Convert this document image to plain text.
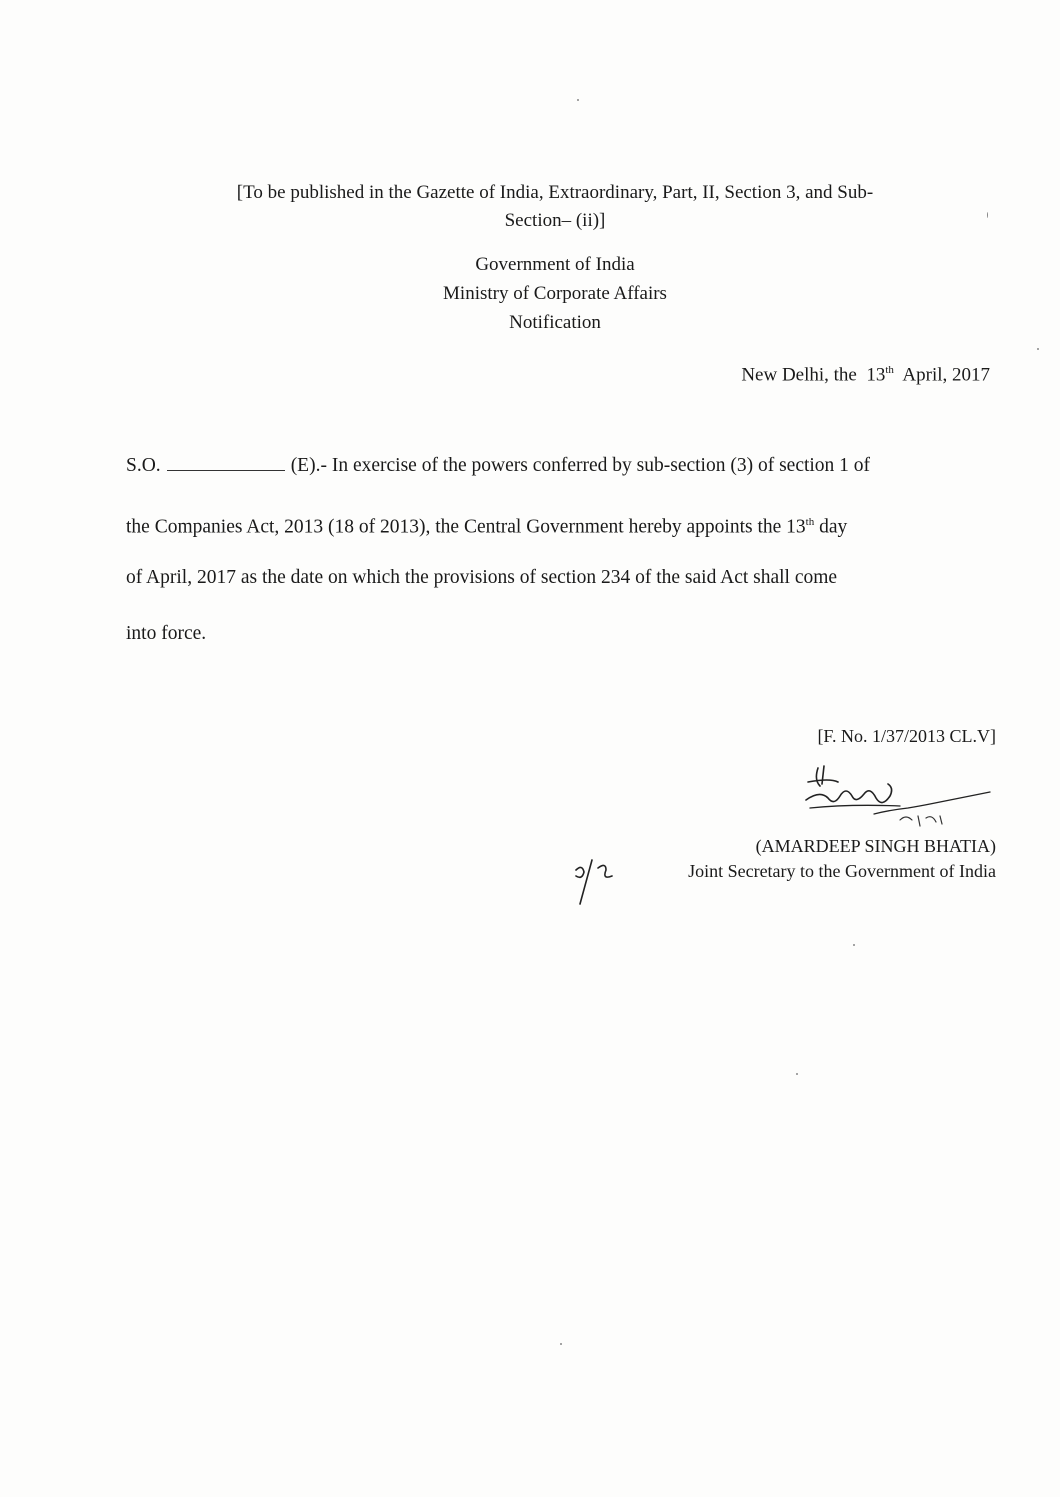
[To be published in the Gazette of India, Extraordinary, Part, II, Section 3, and Sub-
Section– (ii)]
Government of India
Ministry of Corporate Affairs
Notification
New Delhi, the 13th April, 2017
S.O.	(E).- In exercise of the powers conferred by sub-section (3) of section 1 of
the Companies Act, 2013 (18 of 2013), the Central Government hereby appoints the 13th day
of April, 2017 as the date on which the provisions of section 234 of the said Act shall come
into force.
[F. No. 1/37/2013 CL.V]
(AMARDEEP SINGH BHATIA)
Joint Secretary to the Government of India
